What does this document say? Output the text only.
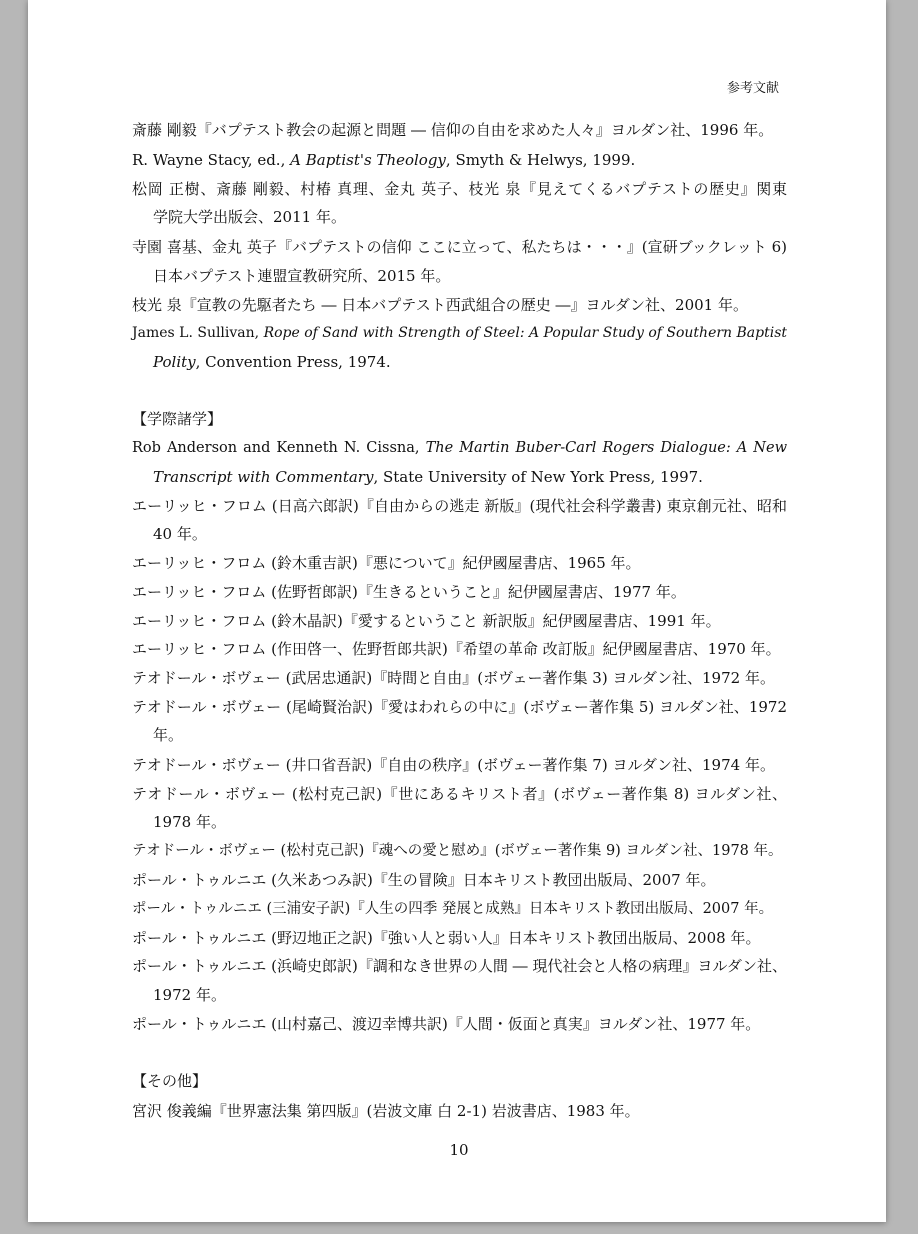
参考文献
斎藤 剛毅『バプテスト教会の起源と問題 ― 信仰の自由を求めた人々』ヨルダン社、1996 年。
R. Wayne Stacy, ed., A Baptist's Theology, Smyth & Helwys, 1999.
松岡 正樹、斎藤 剛毅、村椿 真理、金丸 英子、枝光 泉『見えてくるバプテストの歴史』関東
学院大学出版会、2011 年。
寺園 喜基、金丸 英子『バプテストの信仰 ここに立って、私たちは・・・』(宣研ブックレット 6)
日本バプテスト連盟宣教研究所、2015 年。
枝光 泉『宣教の先駆者たち ― 日本バプテスト西武組合の歴史 ―』ヨルダン社、2001 年。
James L. Sullivan, Rope of Sand with Strength of Steel: A Popular Study of Southern Baptist
Polity, Convention Press, 1974.
【学際諸学】
Rob Anderson and Kenneth N. Cissna, The Martin Buber-Carl Rogers Dialogue: A New
Transcript with Commentary, State University of New York Press, 1997.
エーリッヒ・フロム (日高六郎訳)『自由からの逃走 新版』(現代社会科学叢書) 東京創元社、昭和
40 年。
エーリッヒ・フロム (鈴木重吉訳)『悪について』紀伊國屋書店、1965 年。
エーリッヒ・フロム (佐野哲郎訳)『生きるということ』紀伊國屋書店、1977 年。
エーリッヒ・フロム (鈴木晶訳)『愛するということ 新訳版』紀伊國屋書店、1991 年。
エーリッヒ・フロム (作田啓一、佐野哲郎共訳)『希望の革命 改訂版』紀伊國屋書店、1970 年。
テオドール・ボヴェー (武居忠通訳)『時間と自由』(ボヴェー著作集 3) ヨルダン社、1972 年。
テオドール・ボヴェー (尾崎賢治訳)『愛はわれらの中に』(ボヴェー著作集 5) ヨルダン社、1972
年。
テオドール・ボヴェー (井口省吾訳)『自由の秩序』(ボヴェー著作集 7) ヨルダン社、1974 年。
テオドール・ボヴェー (松村克己訳)『世にあるキリスト者』(ボヴェー著作集 8) ヨルダン社、
1978 年。
テオドール・ボヴェー (松村克己訳)『魂への愛と慰め』(ボヴェー著作集 9) ヨルダン社、1978 年。
ポール・トゥルニエ (久米あつみ訳)『生の冒険』日本キリスト教団出版局、2007 年。
ポール・トゥルニエ (三浦安子訳)『人生の四季 発展と成熟』日本キリスト教団出版局、2007 年。
ポール・トゥルニエ (野辺地正之訳)『強い人と弱い人』日本キリスト教団出版局、2008 年。
ポール・トゥルニエ (浜崎史郎訳)『調和なき世界の人間 ― 現代社会と人格の病理』ヨルダン社、
1972 年。
ポール・トゥルニエ (山村嘉己、渡辺幸博共訳)『人間・仮面と真実』ヨルダン社、1977 年。
【その他】
宮沢 俊義編『世界憲法集 第四版』(岩波文庫 白 2-1) 岩波書店、1983 年。
10
